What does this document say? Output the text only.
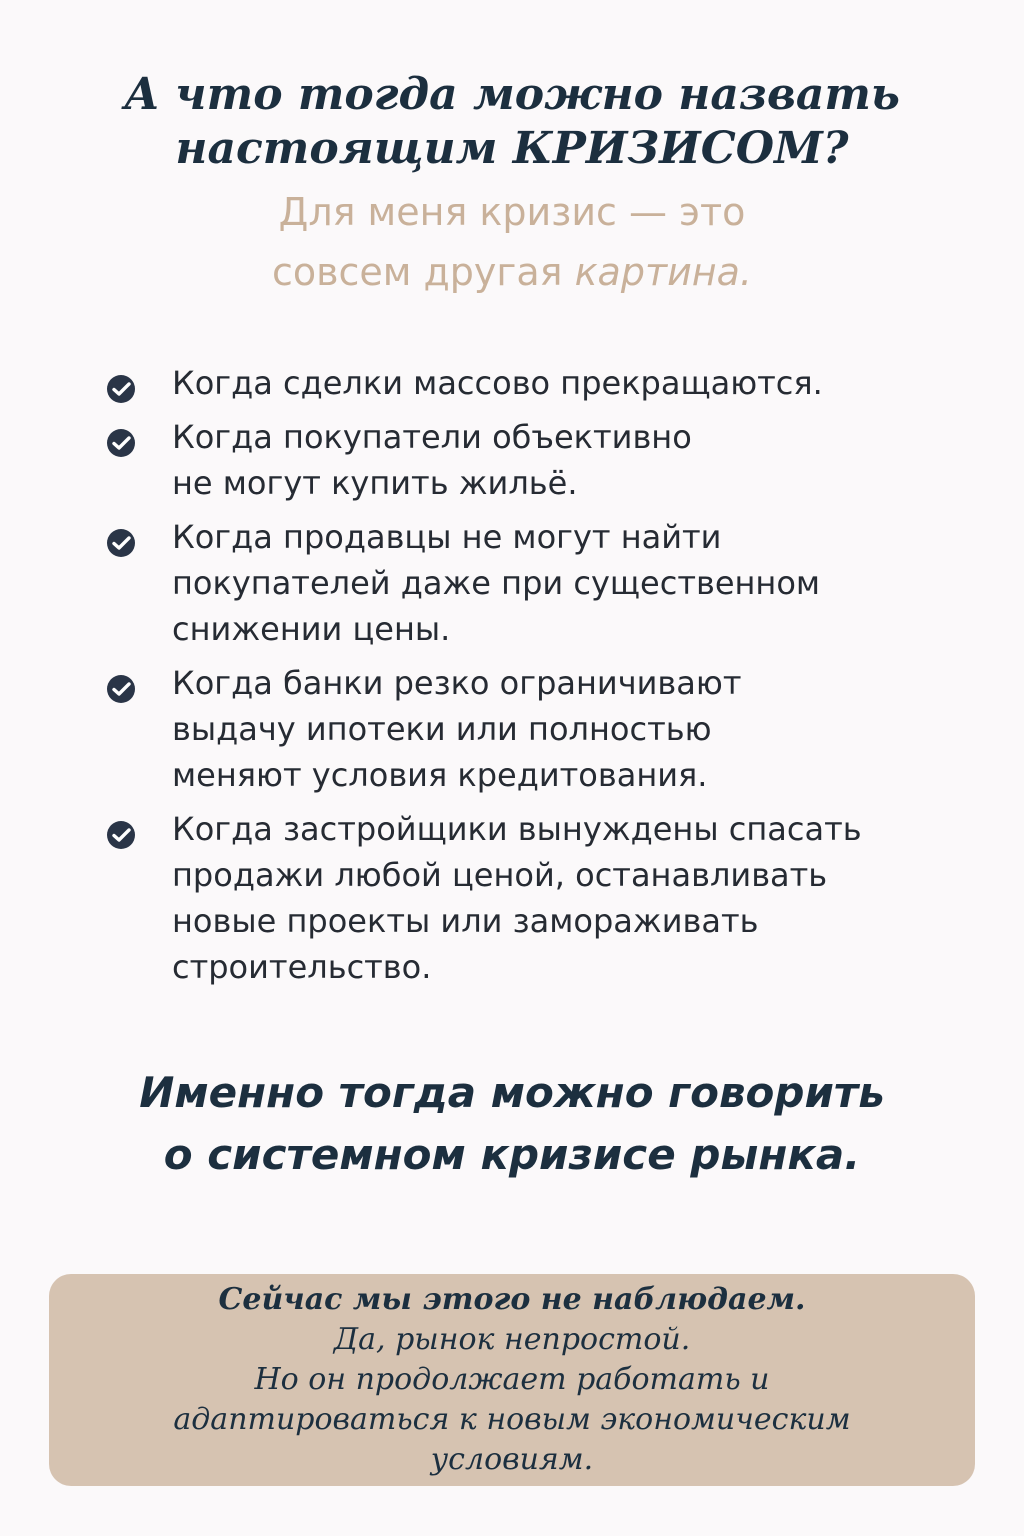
А что тогда можно назвать
настоящим КРИЗИСОМ?

Для меня кризис — это
совсем другая картина.

Когда сделки массово прекращаются.
Когда покупатели объективно
не могут купить жильё.
Когда продавцы не могут найти
покупателей даже при существенном
снижении цены.
Когда банки резко ограничивают
выдачу ипотеки или полностью
меняют условия кредитования.
Когда застройщики вынуждены спасать
продажи любой ценой, останавливать
новые проекты или замораживать
строительство.

Именно тогда можно говорить
о системном кризисе рынка.

Сейчас мы этого не наблюдаем.
Да, рынок непростой.
Но он продолжает работать и
адаптироваться к новым экономическим
условиям.
